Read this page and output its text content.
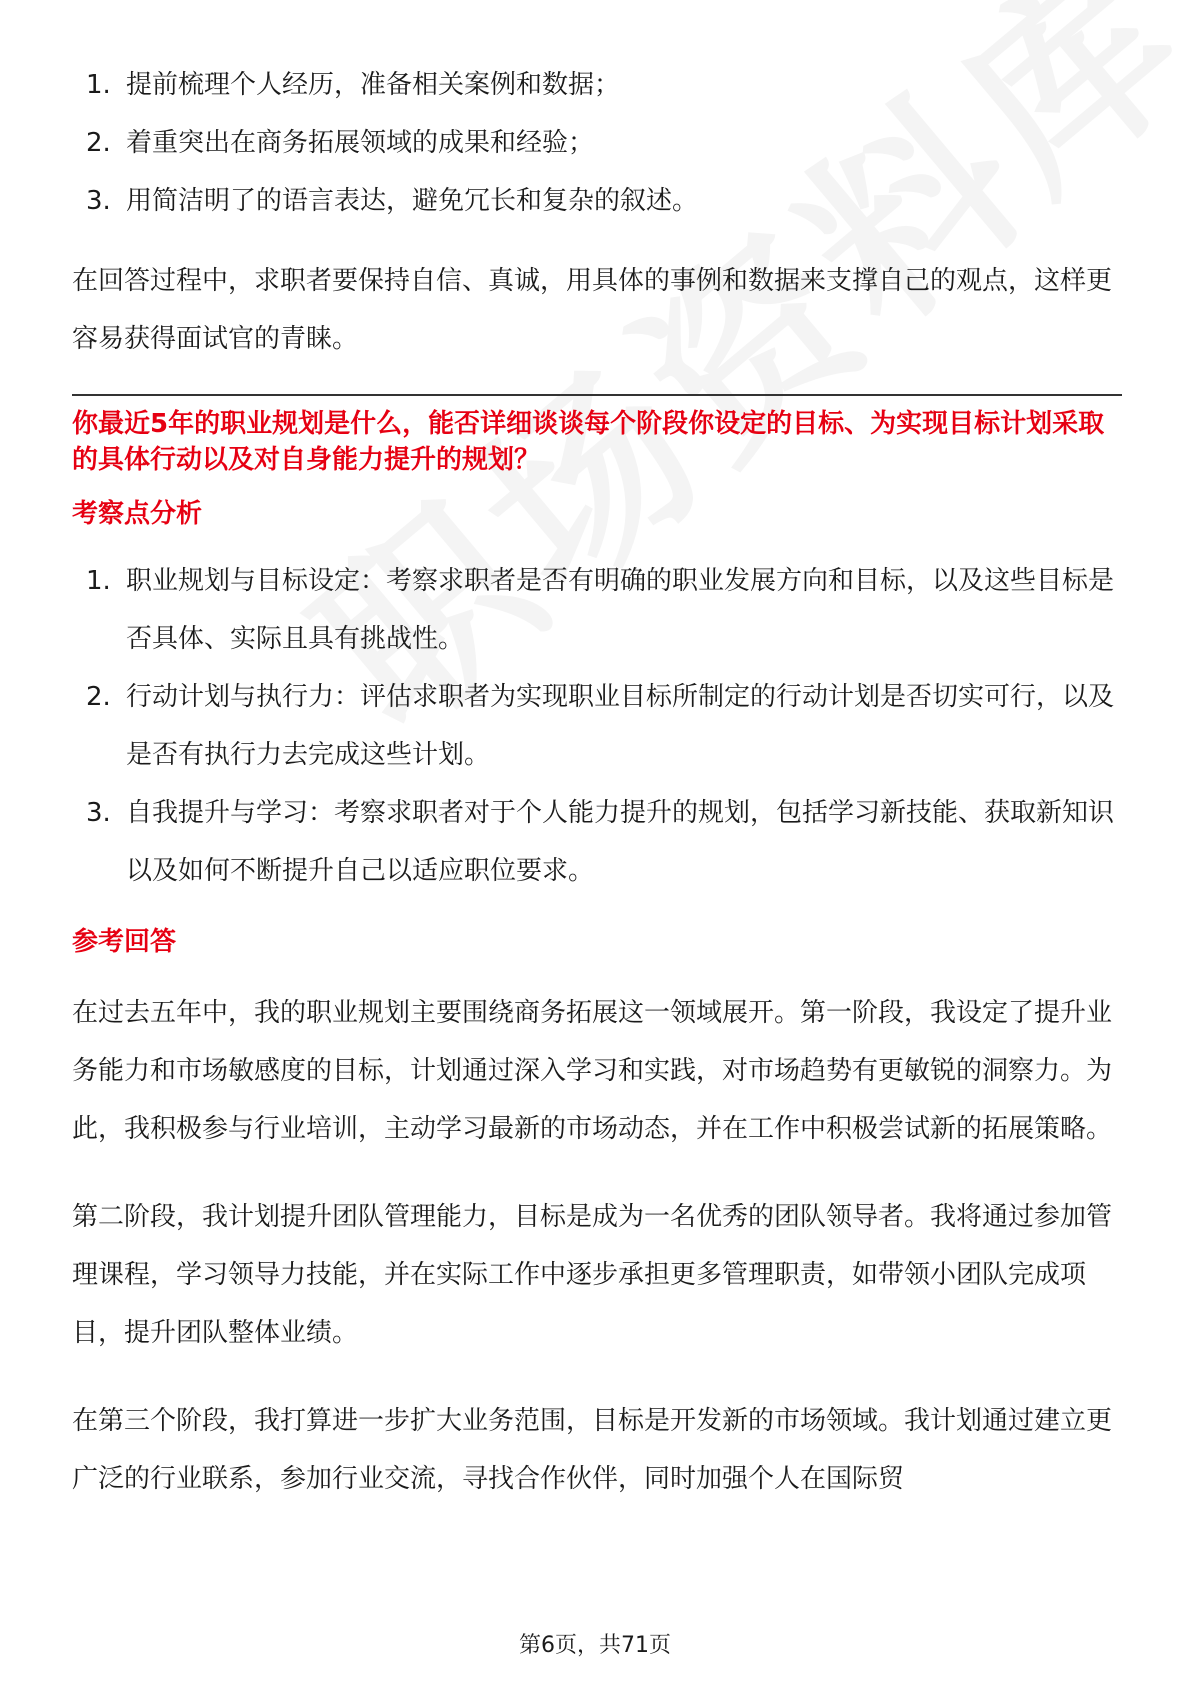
1. 提前梳理个人经历，准备相关案例和数据；
2. 着重突出在商务拓展领域的成果和经验；
3. 用简洁明了的语言表达，避免冗长和复杂的叙述。

在回答过程中，求职者要保持自信、真诚，用具体的事例和数据来支撑自己的观点，这样更容易获得面试官的青睐。

你最近5年的职业规划是什么，能否详细谈谈每个阶段你设定的目标、为实现目标计划采取的具体行动以及对自身能力提升的规划？

考察点分析

1. 职业规划与目标设定：考察求职者是否有明确的职业发展方向和目标，以及这些目标是否具体、实际且具有挑战性。
2. 行动计划与执行力：评估求职者为实现职业目标所制定的行动计划是否切实可行，以及是否有执行力去完成这些计划。
3. 自我提升与学习：考察求职者对于个人能力提升的规划，包括学习新技能、获取新知识以及如何不断提升自己以适应职位要求。

参考回答

在过去五年中，我的职业规划主要围绕商务拓展这一领域展开。第一阶段，我设定了提升业务能力和市场敏感度的目标，计划通过深入学习和实践，对市场趋势有更敏锐的洞察力。为此，我积极参与行业培训，主动学习最新的市场动态，并在工作中积极尝试新的拓展策略。

第二阶段，我计划提升团队管理能力，目标是成为一名优秀的团队领导者。我将通过参加管理课程，学习领导力技能，并在实际工作中逐步承担更多管理职责，如带领小团队完成项目，提升团队整体业绩。

在第三个阶段，我打算进一步扩大业务范围，目标是开发新的市场领域。我计划通过建立更广泛的行业联系，参加行业交流，寻找合作伙伴，同时加强个人在国际贸

第6页，共71页
